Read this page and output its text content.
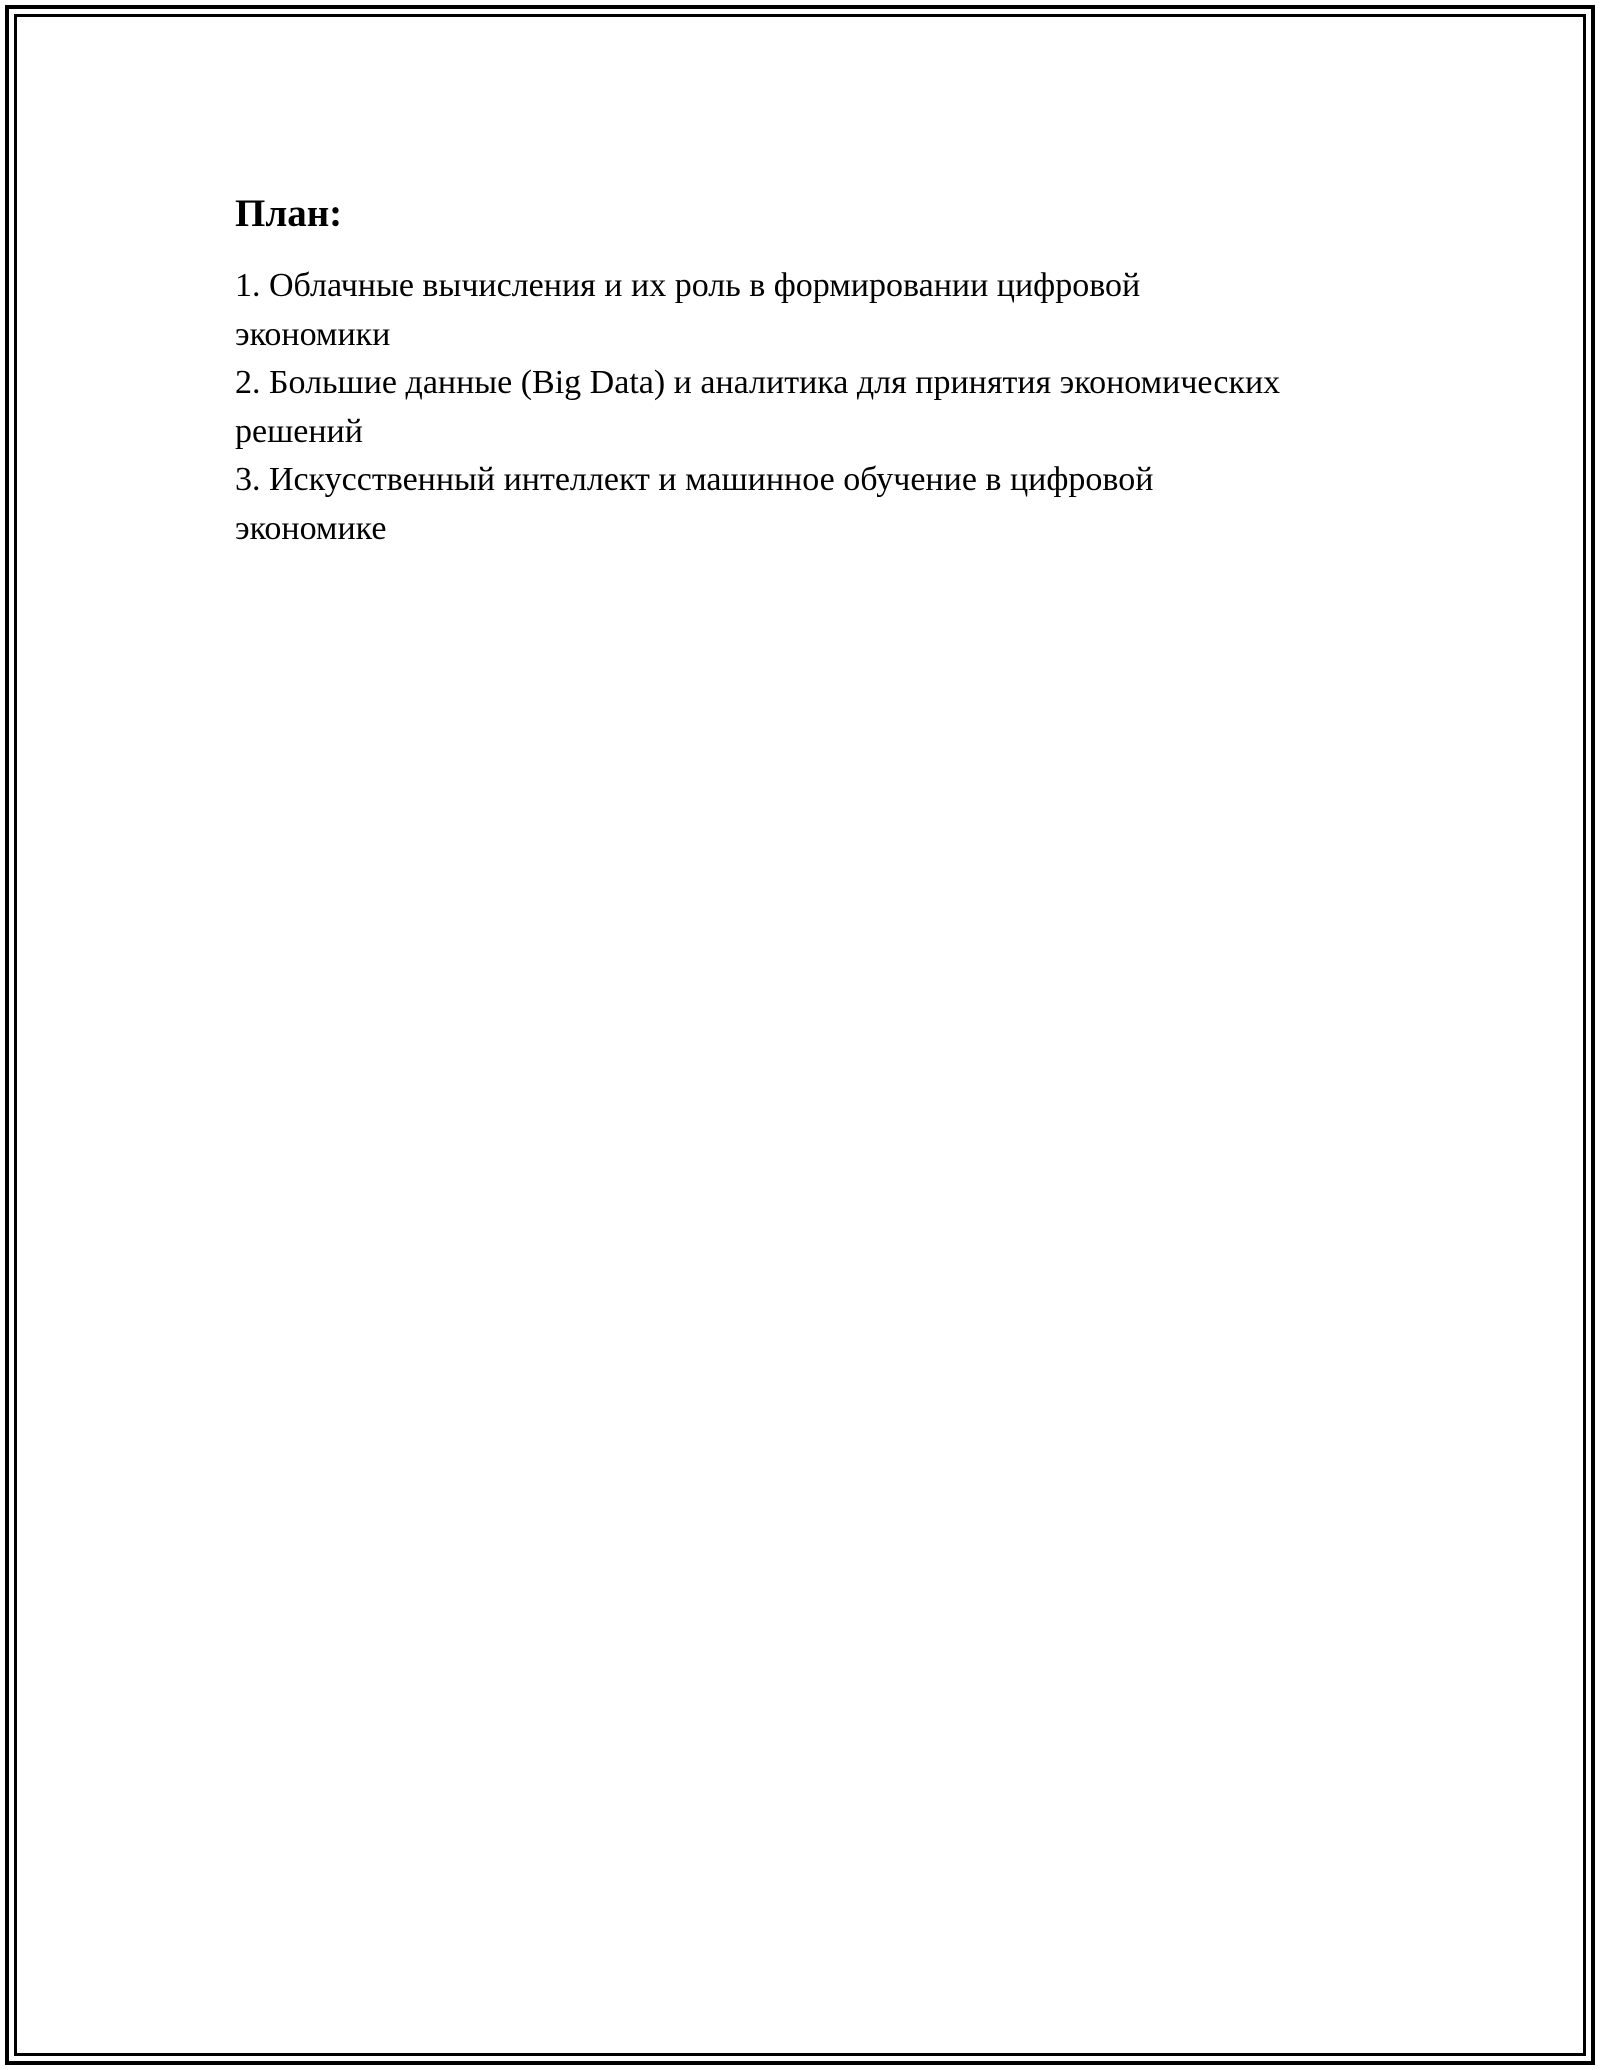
План:
1. Облачные вычисления и их роль в формировании цифровой
экономики
2. Большие данные (Big Data) и аналитика для принятия экономических
решений
3. Искусственный интеллект и машинное обучение в цифровой
экономике
